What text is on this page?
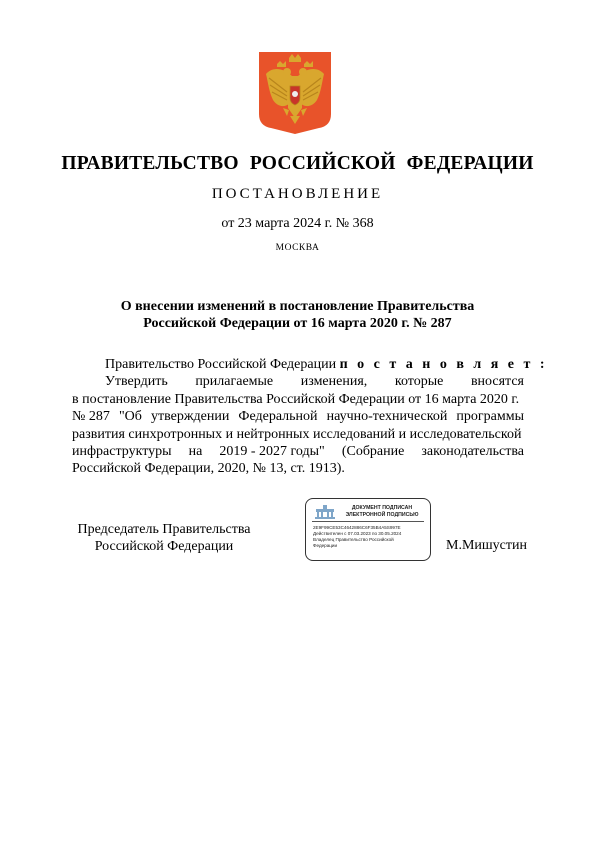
ПРАВИТЕЛЬСТВО РОССИЙСКОЙ ФЕДЕРАЦИИ
ПОСТАНОВЛЕНИЕ
от 23 марта 2024 г. № 368
МОСКВА
О внесении изменений в постановление Правительства
Российской Федерации от 16 марта 2020 г. № 287
Правительство Российской Федерации п о с т а н о в л я е т :
Утвердить прилагаемые изменения, которые вносятся
в постановление Правительства Российской Федерации от 16 марта 2020 г.
№ 287 "Об утверждении Федеральной научно-технической программы
развития синхротронных и нейтронных исследований и исследовательской
инфраструктуры на 2019 - 2027 годы" (Собрание законодательства
Российской Федерации, 2020, № 13, ст. 1913).
Председатель Правительства
Российской Федерации
ДОКУМЕНТ ПОДПИСАН
ЭЛЕКТРОННОЙ ПОДПИСЬЮ
2E9F99CE53C4642886C6F35B4A5S997E
Действителен с 07.03.2023 по 30.05.2024
Владелец Правительство Российской
Федерации	М.Мишустин
